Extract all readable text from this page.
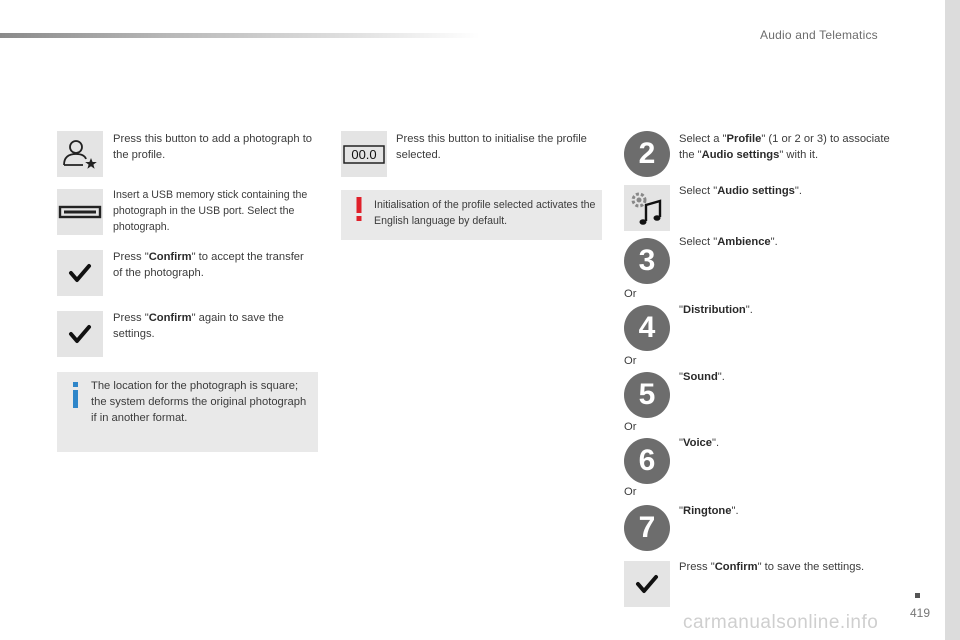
Audio and Telematics
Press this button to add a photograph to the profile.
Insert a USB memory stick containing the photograph in the USB port. Select the photograph.
Press "Confirm" to accept the transfer of the photograph.
Press "Confirm" again to save the settings.
The location for the photograph is square; the system deforms the original photograph if in another format.
00.0
Press this button to initialise the profile selected.
Initialisation of the profile selected activates the English language by default.
2	Select a "Profile" (1 or 2 or 3) to associate the "Audio settings" with it.
Select "Audio settings".
3
Select "Ambience".
Or
4
"Distribution".
Or
5
"Sound".
Or
6
"Voice".
Or
7	"Ringtone".
Press "Confirm" to save the settings.
419
carmanualsonline.info
